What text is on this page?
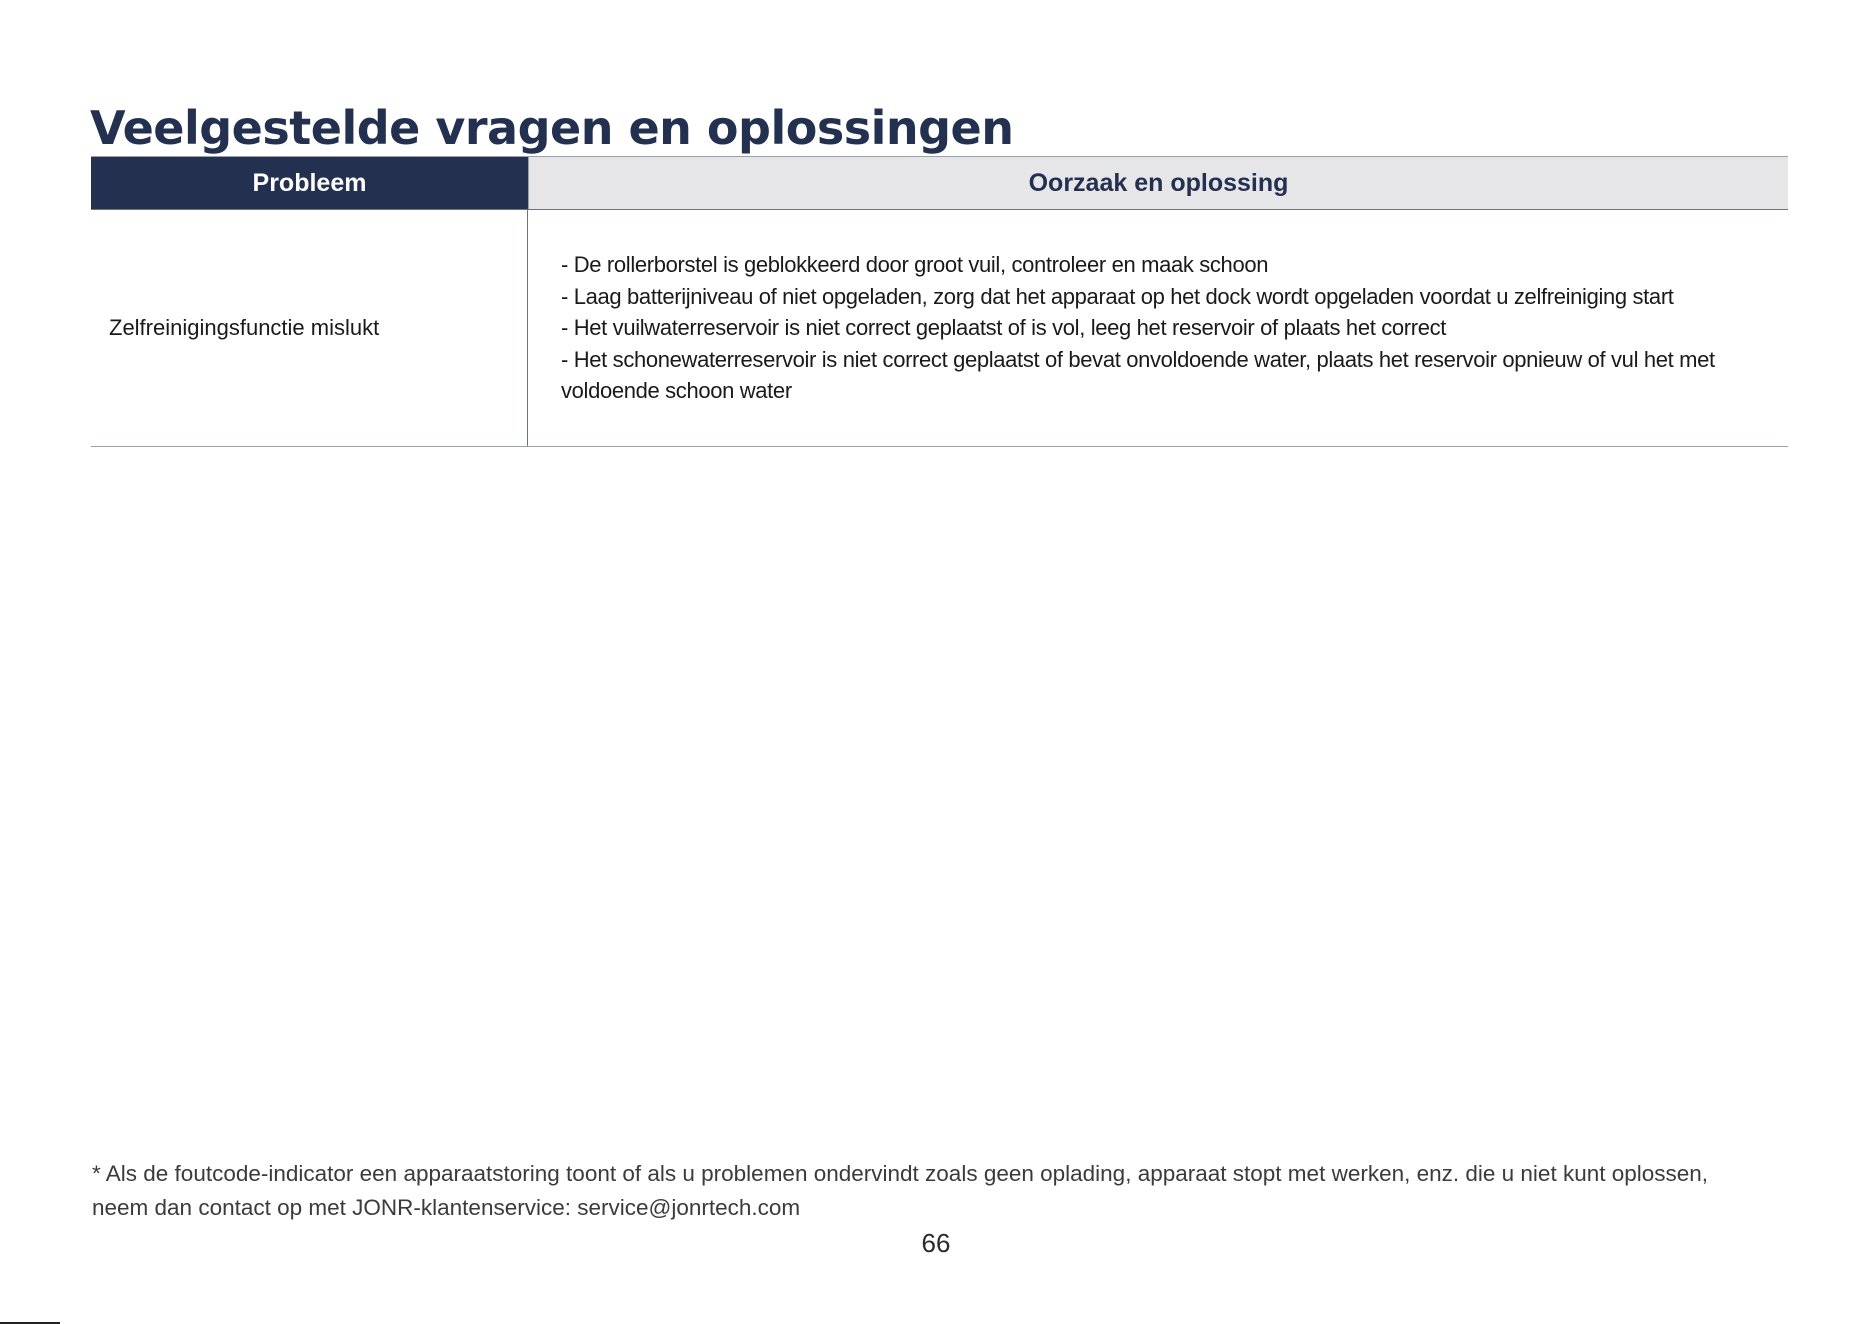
Veelgestelde vragen en oplossingen
Probleem	Oorzaak en oplossing
Zelfreinigingsfunctie mislukt
- De rollerborstel is geblokkeerd door groot vuil, controleer en maak schoon
- Laag batterijniveau of niet opgeladen, zorg dat het apparaat op het dock wordt opgeladen voordat u zelfreiniging start
- Het vuilwaterreservoir is niet correct geplaatst of is vol, leeg het reservoir of plaats het correct
- Het schonewaterreservoir is niet correct geplaatst of bevat onvoldoende water, plaats het reservoir opnieuw of vul het met voldoende schoon water
* Als de foutcode-indicator een apparaatstoring toont of als u problemen ondervindt zoals geen oplading, apparaat stopt met werken, enz. die u niet kunt oplossen,
neem dan contact op met JONR-klantenservice: service@jonrtech.com
66
